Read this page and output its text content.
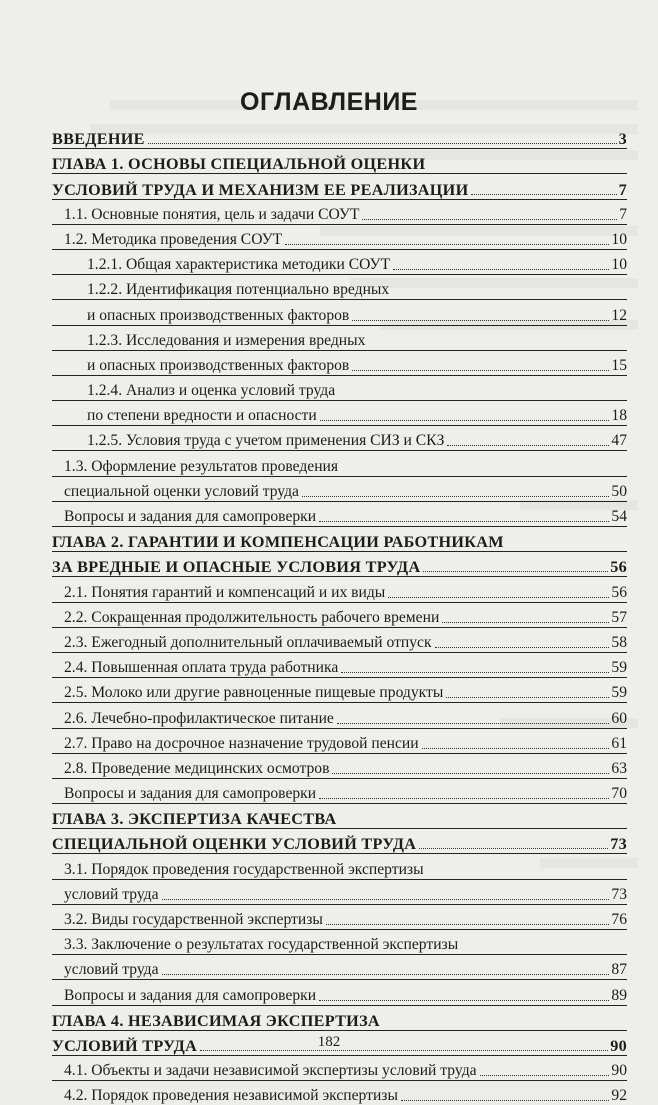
ОГЛАВЛЕНИЕ
ВВЕДЕНИЕ	3
ГЛАВА 1. ОСНОВЫ СПЕЦИАЛЬНОЙ ОЦЕНКИ
УСЛОВИЙ ТРУДА И МЕХАНИЗМ ЕЕ РЕАЛИЗАЦИИ	7
1.1. Основные понятия, цель и задачи СОУТ	7
1.2. Методика проведения СОУТ	10
1.2.1. Общая характеристика методики СОУТ	10
1.2.2. Идентификация потенциально вредных
и опасных производственных факторов	12
1.2.3. Исследования и измерения вредных
и опасных производственных факторов	15
1.2.4. Анализ и оценка условий труда
по степени вредности и опасности	18
1.2.5. Условия труда с учетом применения СИЗ и СКЗ	47
1.3. Оформление результатов проведения
специальной оценки условий труда	50
Вопросы и задания для самопроверки	54
ГЛАВА 2. ГАРАНТИИ И КОМПЕНСАЦИИ РАБОТНИКАМ
ЗА ВРЕДНЫЕ И ОПАСНЫЕ УСЛОВИЯ ТРУДА	56
2.1. Понятия гарантий и компенсаций и их виды	56
2.2. Сокращенная продолжительность рабочего времени	57
2.3. Ежегодный дополнительный оплачиваемый отпуск	58
2.4. Повышенная оплата труда работника	59
2.5. Молоко или другие равноценные пищевые продукты	59
2.6. Лечебно-профилактическое питание	60
2.7. Право на досрочное назначение трудовой пенсии	61
2.8. Проведение медицинских осмотров	63
Вопросы и задания для самопроверки	70
ГЛАВА 3. ЭКСПЕРТИЗА КАЧЕСТВА
СПЕЦИАЛЬНОЙ ОЦЕНКИ УСЛОВИЙ ТРУДА	73
3.1. Порядок проведения государственной экспертизы
условий труда	73
3.2. Виды государственной экспертизы	76
3.3. Заключение о результатах государственной экспертизы
условий труда	87
Вопросы и задания для самопроверки	89
ГЛАВА 4. НЕЗАВИСИМАЯ ЭКСПЕРТИЗА
УСЛОВИЙ ТРУДА	90
4.1. Объекты и задачи независимой экспертизы условий труда	90
4.2. Порядок проведения независимой экспертизы	92
182
